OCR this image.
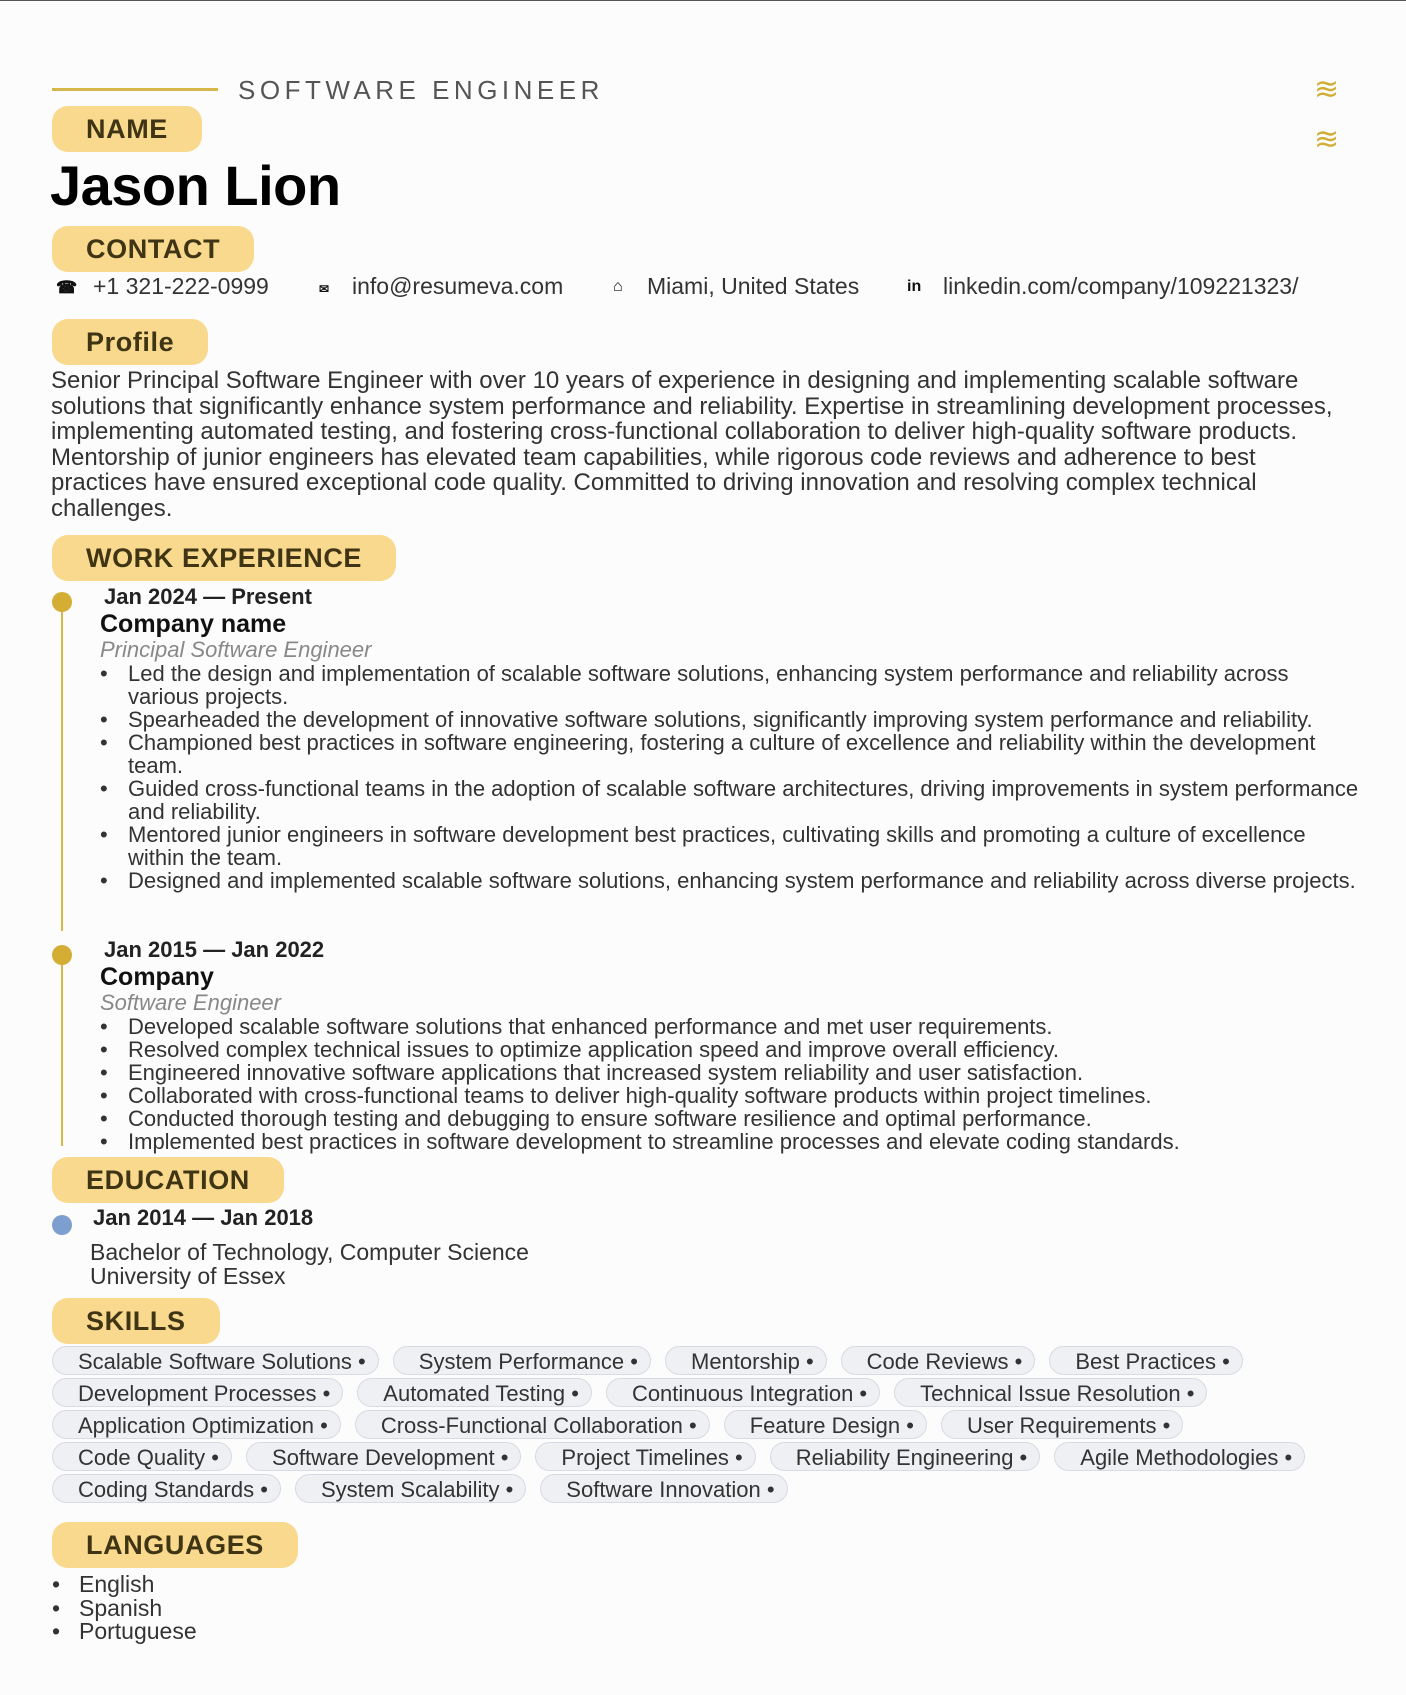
SOFTWARE ENGINEER	≋
≋
NAME
Jason Lion
CONTACT
☎ +1 321-222-0999	✉ info@resumeva.com	⌂ Miami, United States	in linkedin.com/company/109221323/
Profile
Senior Principal Software Engineer with over 10 years of experience in designing and implementing scalable software solutions that significantly enhance system performance and reliability. Expertise in streamlining development processes, implementing automated testing, and fostering cross-functional collaboration to deliver high-quality software products. Mentorship of junior engineers has elevated team capabilities, while rigorous code reviews and adherence to best practices have ensured exceptional code quality. Committed to driving innovation and resolving complex technical challenges.
WORK EXPERIENCE
Jan 2024 — Present
Company name
Principal Software Engineer
• Led the design and implementation of scalable software solutions, enhancing system performance and reliability across various projects.
• Spearheaded the development of innovative software solutions, significantly improving system performance and reliability.
• Championed best practices in software engineering, fostering a culture of excellence and reliability within the development team.
• Guided cross-functional teams in the adoption of scalable software architectures, driving improvements in system performance and reliability.
• Mentored junior engineers in software development best practices, cultivating skills and promoting a culture of excellence within the team.
• Designed and implemented scalable software solutions, enhancing system performance and reliability across diverse projects.
Jan 2015 — Jan 2022
Company
Software Engineer
• Developed scalable software solutions that enhanced performance and met user requirements.
• Resolved complex technical issues to optimize application speed and improve overall efficiency.
• Engineered innovative software applications that increased system reliability and user satisfaction.
• Collaborated with cross-functional teams to deliver high-quality software products within project timelines.
• Conducted thorough testing and debugging to ensure software resilience and optimal performance.
• Implemented best practices in software development to streamline processes and elevate coding standards.
EDUCATION
Jan 2014 — Jan 2018
Bachelor of Technology, Computer Science
University of Essex
SKILLS
Scalable Software Solutions •	System Performance •	Mentorship •	Code Reviews •	Best Practices •
Development Processes •	Automated Testing •	Continuous Integration •	Technical Issue Resolution •
Application Optimization •	Cross-Functional Collaboration •	Feature Design •	User Requirements •
Code Quality •	Software Development •	Project Timelines •	Reliability Engineering •	Agile Methodologies •
Coding Standards •	System Scalability •	Software Innovation •
LANGUAGES
• English
• Spanish
• Portuguese
